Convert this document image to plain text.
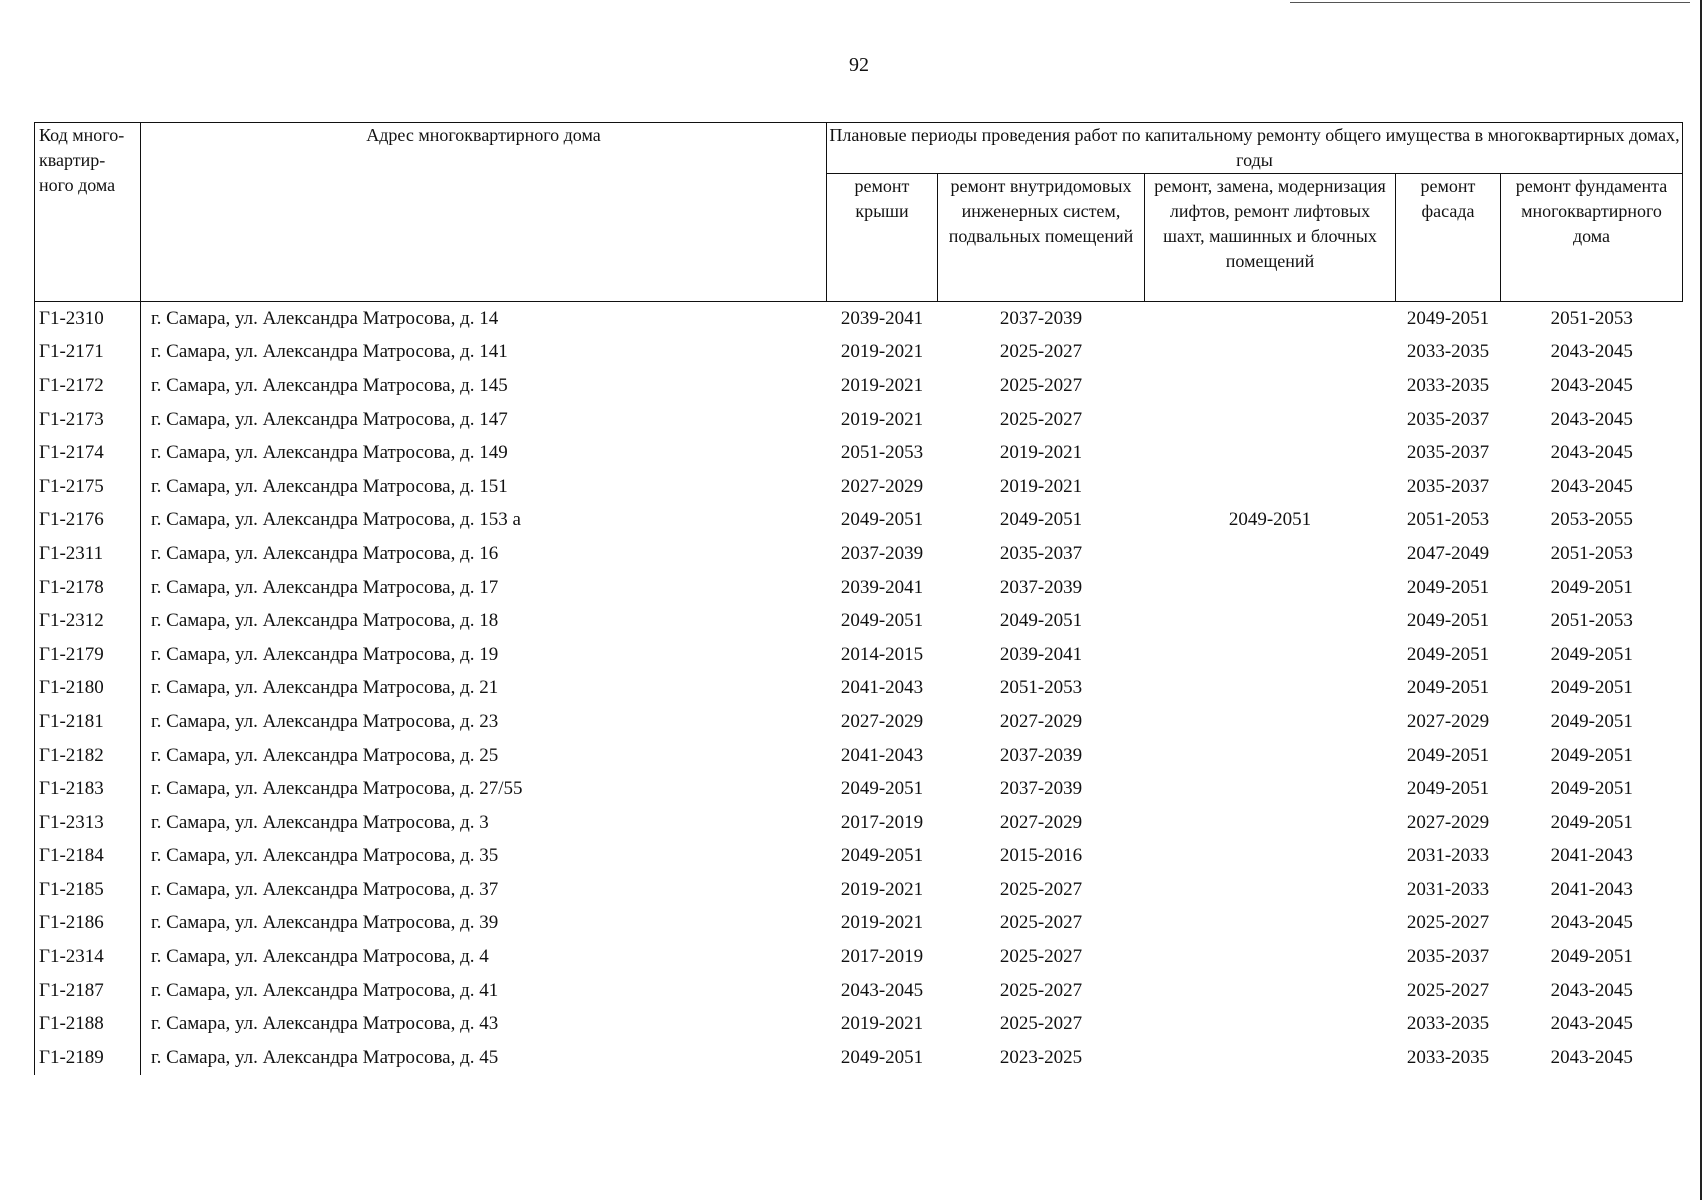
92
Код много-квартир-ного дома	Адрес многоквартирного дома	Плановые периоды проведения работ по капитальному ремонту общего имущества в многоквартирных домах, годы				
		ремонт крыши	ремонт внутридомовых инженерных систем, подвальных помещений	ремонт, замена, модернизация лифтов, ремонт лифтовых шахт, машинных и блочных помещений	ремонт фасада	ремонт фундамента многоквартирного дома
Г1-2310	г. Самара, ул. Александра Матросова, д. 14	2039-2041	2037-2039		2049-2051	2051-2053
Г1-2171	г. Самара, ул. Александра Матросова, д. 141	2019-2021	2025-2027		2033-2035	2043-2045
Г1-2172	г. Самара, ул. Александра Матросова, д. 145	2019-2021	2025-2027		2033-2035	2043-2045
Г1-2173	г. Самара, ул. Александра Матросова, д. 147	2019-2021	2025-2027		2035-2037	2043-2045
Г1-2174	г. Самара, ул. Александра Матросова, д. 149	2051-2053	2019-2021		2035-2037	2043-2045
Г1-2175	г. Самара, ул. Александра Матросова, д. 151	2027-2029	2019-2021		2035-2037	2043-2045
Г1-2176	г. Самара, ул. Александра Матросова, д. 153 а	2049-2051	2049-2051	2049-2051	2051-2053	2053-2055
Г1-2311	г. Самара, ул. Александра Матросова, д. 16	2037-2039	2035-2037		2047-2049	2051-2053
Г1-2178	г. Самара, ул. Александра Матросова, д. 17	2039-2041	2037-2039		2049-2051	2049-2051
Г1-2312	г. Самара, ул. Александра Матросова, д. 18	2049-2051	2049-2051		2049-2051	2051-2053
Г1-2179	г. Самара, ул. Александра Матросова, д. 19	2014-2015	2039-2041		2049-2051	2049-2051
Г1-2180	г. Самара, ул. Александра Матросова, д. 21	2041-2043	2051-2053		2049-2051	2049-2051
Г1-2181	г. Самара, ул. Александра Матросова, д. 23	2027-2029	2027-2029		2027-2029	2049-2051
Г1-2182	г. Самара, ул. Александра Матросова, д. 25	2041-2043	2037-2039		2049-2051	2049-2051
Г1-2183	г. Самара, ул. Александра Матросова, д. 27/55	2049-2051	2037-2039		2049-2051	2049-2051
Г1-2313	г. Самара, ул. Александра Матросова, д. 3	2017-2019	2027-2029		2027-2029	2049-2051
Г1-2184	г. Самара, ул. Александра Матросова, д. 35	2049-2051	2015-2016		2031-2033	2041-2043
Г1-2185	г. Самара, ул. Александра Матросова, д. 37	2019-2021	2025-2027		2031-2033	2041-2043
Г1-2186	г. Самара, ул. Александра Матросова, д. 39	2019-2021	2025-2027		2025-2027	2043-2045
Г1-2314	г. Самара, ул. Александра Матросова, д. 4	2017-2019	2025-2027		2035-2037	2049-2051
Г1-2187	г. Самара, ул. Александра Матросова, д. 41	2043-2045	2025-2027		2025-2027	2043-2045
Г1-2188	г. Самара, ул. Александра Матросова, д. 43	2019-2021	2025-2027		2033-2035	2043-2045
Г1-2189	г. Самара, ул. Александра Матросова, д. 45	2049-2051	2023-2025		2033-2035	2043-2045
